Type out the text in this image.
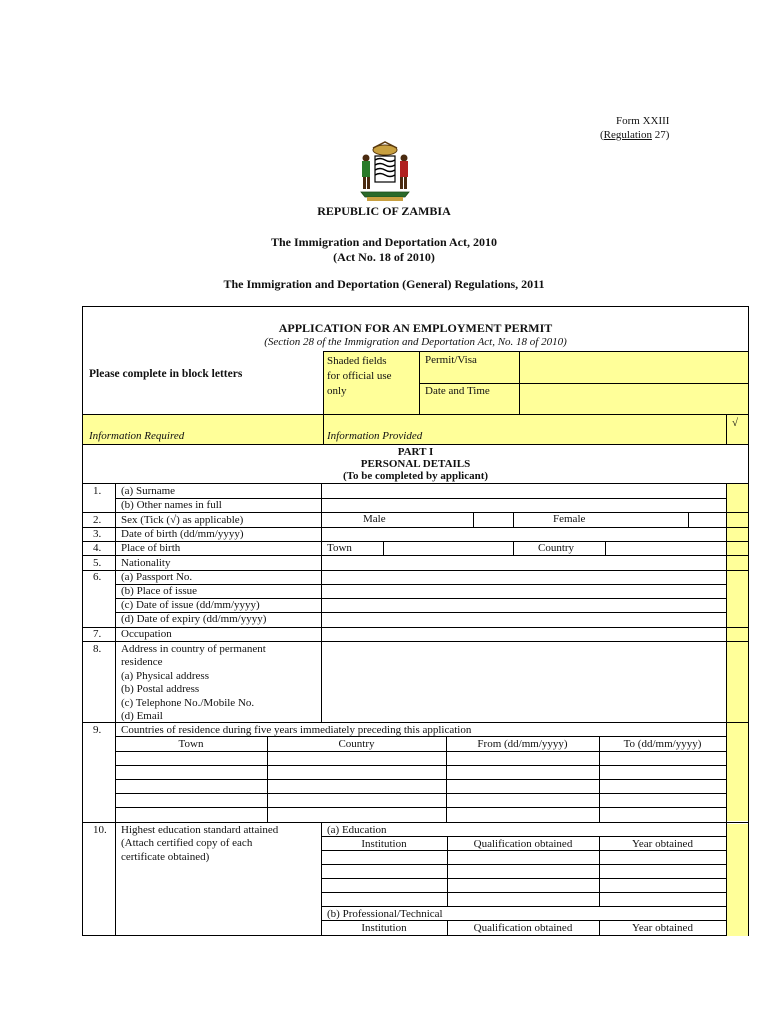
Form XXIII
(Regulation 27)
REPUBLIC OF ZAMBIA
The Immigration and Deportation Act, 2010
(Act No. 18 of 2010)
The Immigration and Deportation (General) Regulations, 2011
APPLICATION FOR AN EMPLOYMENT PERMIT
(Section 28 of the Immigration and Deportation Act, No. 18 of 2010)
Please complete in block letters
Shaded fields
for official use
only
Permit/Visa
Date and Time
Information Required	Information Provided
√
PART I
PERSONAL DETAILS
(To be completed by applicant)
1. (a) Surname
(b) Other names in full
2. Sex (Tick (√) as applicable)	Male	Female
3. Date of birth (dd/mm/yyyy)
4. Place of birth	Town	Country
5. Nationality
6. (a) Passport No.
(b) Place of issue
(c) Date of issue (dd/mm/yyyy)
(d) Date of expiry (dd/mm/yyyy)
7. Occupation
8. Address in country of permanent
residence
(a) Physical address
(b) Postal address
(c) Telephone No./Mobile No.
(d) Email
9. Countries of residence during five years immediately preceding this application
Town	Country	From (dd/mm/yyyy)	To (dd/mm/yyyy)
10. Highest education standard attained
(Attach certified copy of each
certificate obtained)
(a) Education
Institution	Qualification obtained	Year obtained
(b) Professional/Technical
Institution	Qualification obtained	Year obtained
